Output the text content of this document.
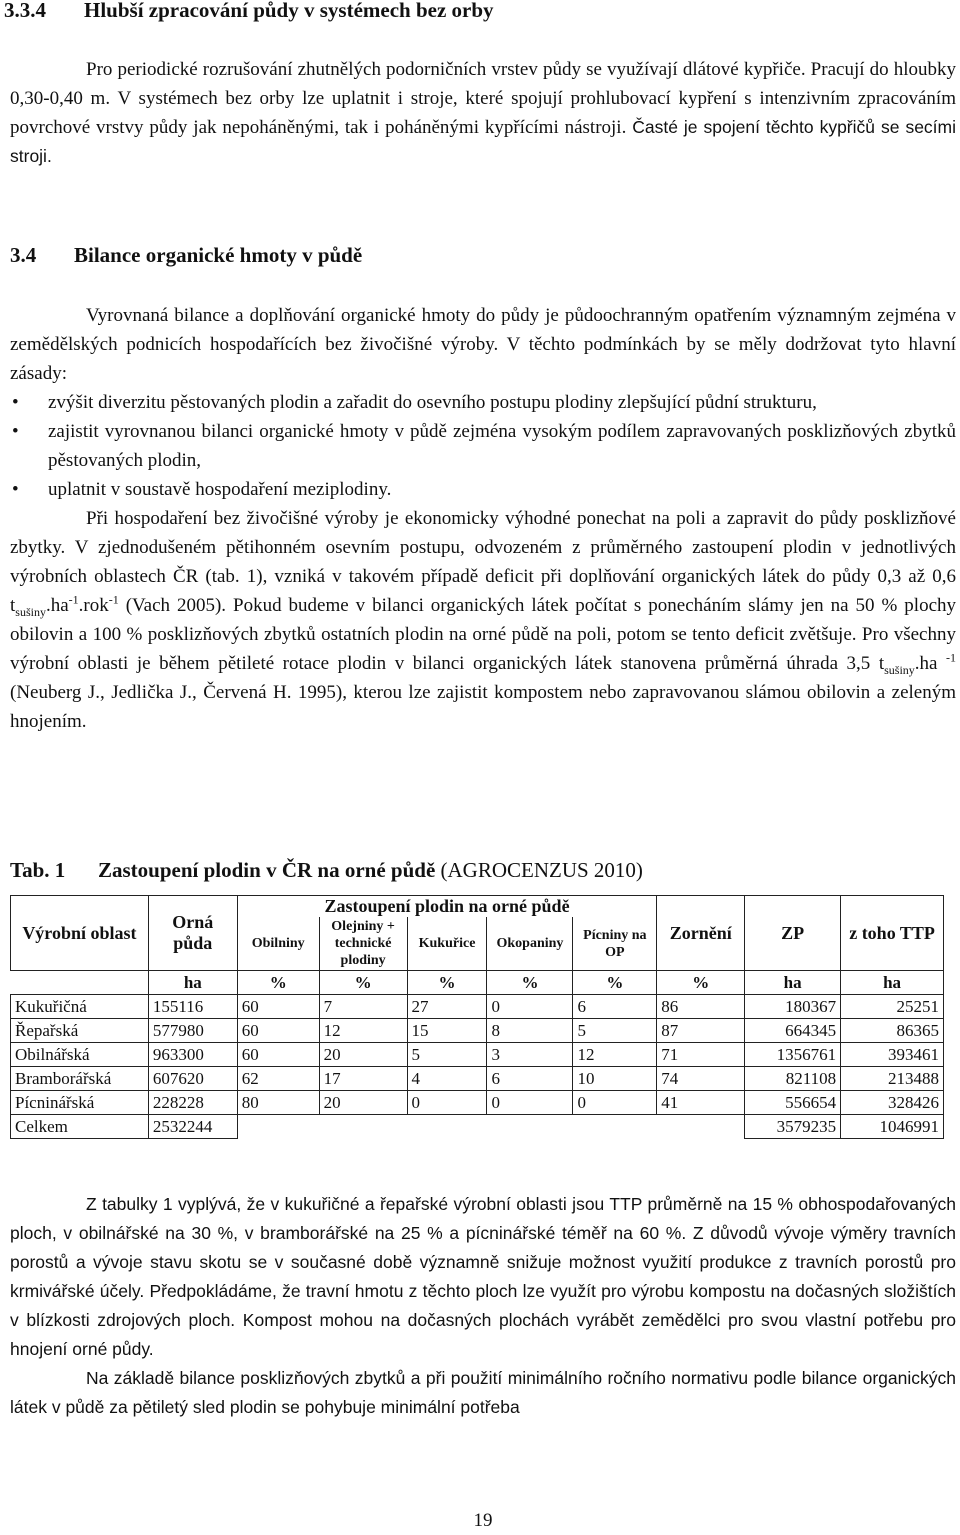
3.3.4 Hlubší zpracování půdy v systémech bez orby

Pro periodické rozrušování zhutnělých podorničních vrstev půdy se využívají dlátové kypřiče. Pracují do hloubky 0,30-0,40 m. V systémech bez orby lze uplatnit i stroje, které spojují prohlubovací kypření s intenzivním zpracováním povrchové vrstvy půdy jak nepoháněnými, tak i poháněnými kypřícími nástroji. Časté je spojení těchto kypřičů se secími stroji.

3.4 Bilance organické hmoty v půdě

Vyrovnaná bilance a doplňování organické hmoty do půdy je půdoochranným opatřením významným zejména v zemědělských podnicích hospodařících bez živočišné výroby. V těchto podmínkách by se měly dodržovat tyto hlavní zásady:

• zvýšit diverzitu pěstovaných plodin a zařadit do osevního postupu plodiny zlepšující půdní strukturu,
• zajistit vyrovnanou bilanci organické hmoty v půdě zejména vysokým podílem zapravovaných posklizňových zbytků pěstovaných plodin,
• uplatnit v soustavě hospodaření meziplodiny.

Při hospodaření bez živočišné výroby je ekonomicky výhodné ponechat na poli a zapravit do půdy posklizňové zbytky. V zjednodušeném pětihonném osevním postupu, odvozeném z průměrného zastoupení plodin v jednotlivých výrobních oblastech ČR (tab. 1), vzniká v takovém případě deficit při doplňování organických látek do půdy 0,3 až 0,6 $t_{sušiny}.ha^{-1}.rok^{-1}$ (Vach 2005). Pokud budeme v bilanci organických látek počítat s ponecháním slámy jen na 50 % plochy obilovin a 100 % posklizňových zbytků ostatních plodin na orné půdě na poli, potom se tento deficit zvětšuje. Pro všechny výrobní oblasti je během pětileté rotace plodin v bilanci organických látek stanovena průměrná úhrada 3,5 $t_{sušiny}.ha$ $^{-1}$ (Neuberg J., Jedlička J., Červená H. 1995), kterou lze zajistit kompostem nebo zapravovanou slámou obilovin a zeleným hnojením.

Tab. 1 Zastoupení plodin v ČR na orné půdě (AGROCENZUS 2010)
Výrobní oblast	Orná půda	Zastoupení plodin na orné půdě					Zornění	ZP	z toho TTP
		Obilniny	Olejniny + technické plodiny	Kukuřice	Okopaniny	Pícniny na OP			
	ha	%	%	%	%	%	%	ha	ha
Kukuřičná	155116	60	7	27	0	6	86	180367	25251
Řepařská	577980	60	12	15	8	5	87	664345	86365
Obilnářská	963300	60	20	5	3	12	71	1356761	393461
Bramborářská	607620	62	17	4	6	10	74	821108	213488
Pícninářská	228228	80	20	0	0	0	41	556654	328426
Celkem	2532244							3579235	1046991

Z tabulky 1 vyplývá, že v kukuřičné a řepařské výrobní oblasti jsou TTP průměrně na 15 % obhospodařovaných ploch, v obilnářské na 30 %, v bramborářské na 25 % a pícninářské téměř na 60 %. Z důvodů vývoje výměry travních porostů a vývoje stavu skotu se v současné době významně snižuje možnost využití produkce z travních porostů pro krmivářské účely. Předpokládáme, že travní hmotu z těchto ploch lze využít pro výrobu kompostu na dočasných složištích v blízkosti zdrojových ploch. Kompost mohou na dočasných plochách vyrábět zemědělci pro svou vlastní potřebu pro hnojení orné půdy.

Na základě bilance posklizňových zbytků a při použití minimálního ročního normativu podle bilance organických látek v půdě za pětiletý sled plodin se pohybuje minimální potřeba

19
